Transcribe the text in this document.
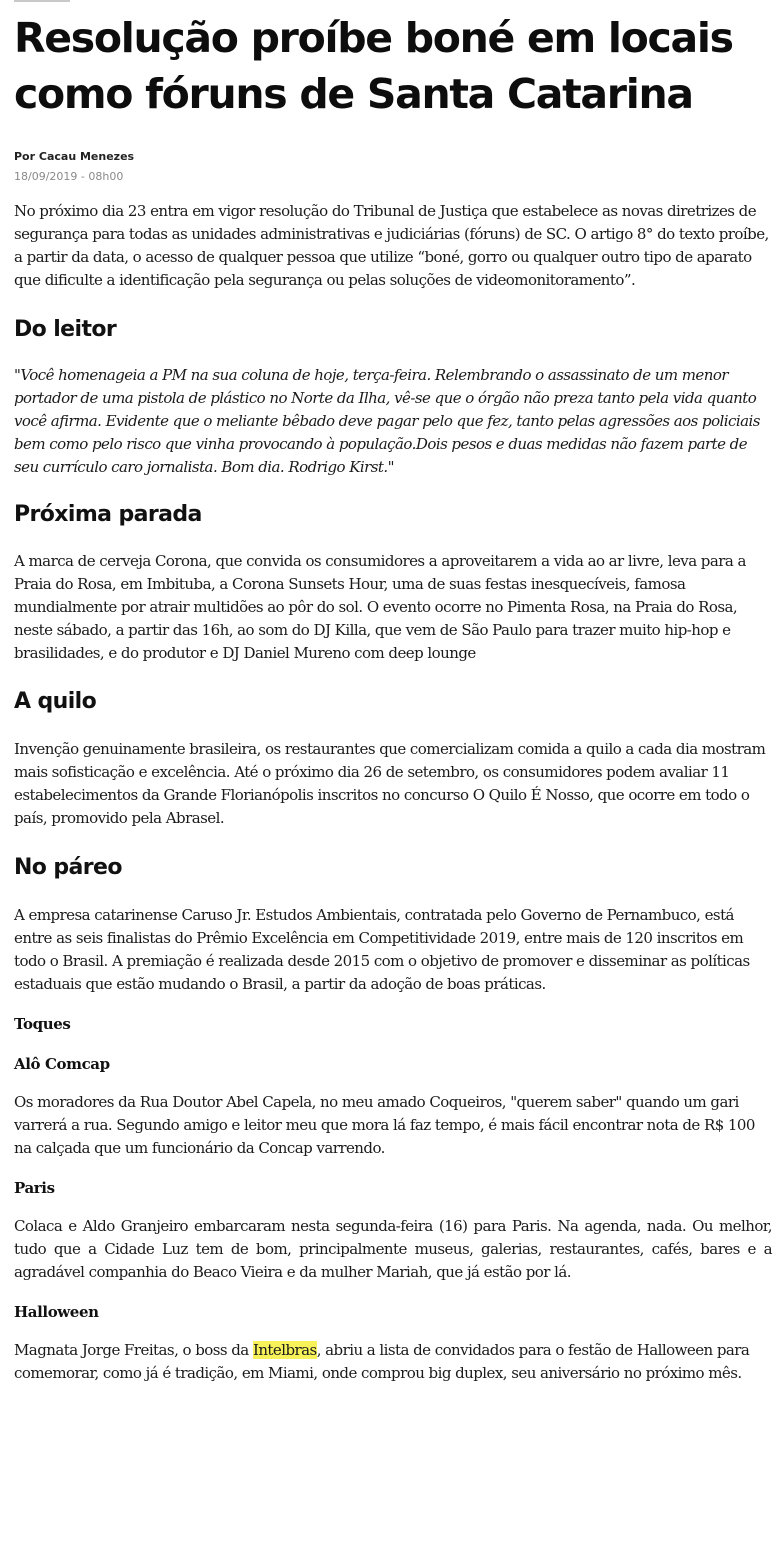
Resolução proíbe boné em locais como fóruns de Santa Catarina
Por Cacau Menezes
18/09/2019 - 08h00

No próximo dia 23 entra em vigor resolução do Tribunal de Justiça que estabelece as novas diretrizes de segurança para todas as unidades administrativas e judiciárias (fóruns) de SC. O artigo 8° do texto proíbe, a partir da data, o acesso de qualquer pessoa que utilize “boné, gorro ou qualquer outro tipo de aparato que dificulte a identificação pela segurança ou pelas soluções de videomonitoramento”.

Do leitor

"Você homenageia a PM na sua coluna de hoje, terça-feira. Relembrando o assassinato de um menor portador de uma pistola de plástico no Norte da Ilha, vê-se que o órgão não preza tanto pela vida quanto você afirma. Evidente que o meliante bêbado deve pagar pelo que fez, tanto pelas agressões aos policiais bem como pelo risco que vinha provocando à população.Dois pesos e duas medidas não fazem parte de seu currículo caro jornalista. Bom dia. Rodrigo Kirst."

Próxima parada

A marca de cerveja Corona, que convida os consumidores a aproveitarem a vida ao ar livre, leva para a Praia do Rosa, em Imbituba, a Corona Sunsets Hour, uma de suas festas inesquecíveis, famosa mundialmente por atrair multidões ao pôr do sol. O evento ocorre no Pimenta Rosa, na Praia do Rosa, neste sábado, a partir das 16h, ao som do DJ Killa, que vem de São Paulo para trazer muito hip-hop e brasilidades, e do produtor e DJ Daniel Mureno com deep lounge

A quilo

Invenção genuinamente brasileira, os restaurantes que comercializam comida a quilo a cada dia mostram mais sofisticação e excelência. Até o próximo dia 26 de setembro, os consumidores podem avaliar 11 estabelecimentos da Grande Florianópolis inscritos no concurso O Quilo É Nosso, que ocorre em todo o país, promovido pela Abrasel.

No páreo

A empresa catarinense Caruso Jr. Estudos Ambientais, contratada pelo Governo de Pernambuco, está entre as seis finalistas do Prêmio Excelência em Competitividade 2019, entre mais de 120 inscritos em todo o Brasil. A premiação é realizada desde 2015 com o objetivo de promover e disseminar as políticas estaduais que estão mudando o Brasil, a partir da adoção de boas práticas.

Toques
Alô Comcap

Os moradores da Rua Doutor Abel Capela, no meu amado Coqueiros, "querem saber" quando um gari varrerá a rua. Segundo amigo e leitor meu que mora lá faz tempo, é mais fácil encontrar nota de R$ 100 na calçada que um funcionário da Concap varrendo.

Paris

Colaca e Aldo Granjeiro embarcaram nesta segunda-feira (16) para Paris. Na agenda, nada. Ou melhor, tudo que a Cidade Luz tem de bom, principalmente museus, galerias, restaurantes, cafés, bares e a agradável companhia do Beaco Vieira e da mulher Mariah, que já estão por lá.

Halloween

Magnata Jorge Freitas, o boss da Intelbras, abriu a lista de convidados para o festão de Halloween para comemorar, como já é tradição, em Miami, onde comprou big duplex, seu aniversário no próximo mês.
